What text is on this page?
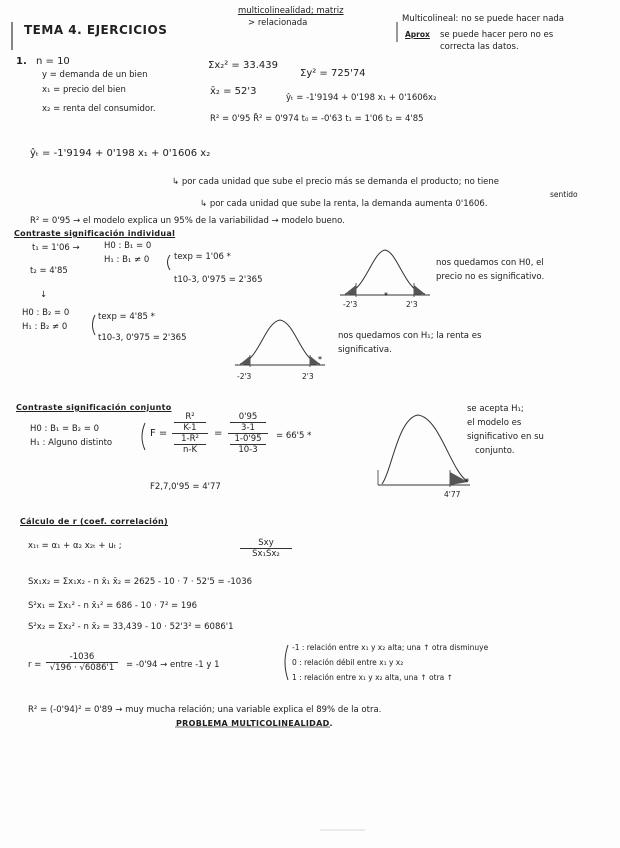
*
*
*
TEMA 4. EJERCICIOS
multicolinealidad; matriz
> relacionada	Multicolineal: no se puede hacer nada
Aprox se puede hacer pero no es
correcta las datos.
1. n = 10
y = demanda de un bien
x₁ = precio del bien
x₂ = renta del consumidor.
Σx₂² = 33.439
Σy² = 725'74
x̄₂ = 52'3
ŷₜ = -1'9194 + 0'198 x₁ + 0'1606x₂
R² = 0'95 R̄² = 0'974 t₀ = -0'63 t₁ = 1'06 t₂ = 4'85
ŷₜ = -1'9194 + 0'198 x₁ + 0'1606 x₂
↳ por cada unidad que sube el precio más se demanda el producto; no tiene
sentido
↳ por cada unidad que sube la renta, la demanda aumenta 0'1606.
R² = 0'95 → el modelo explica un 95% de la variabilidad → modelo bueno.
Contraste significación individual
t₁ = 1'06 →	H0 : B₁ = 0
H₁ : B₁ ≠ 0	texp = 1'06 *
t10-3, 0'975 = 2'365
t₂ = 4'85
↓
H0 : B₂ = 0
H₁ : B₂ ≠ 0
texp = 4'85 *
t10-3, 0'975 = 2'365
-2'3	2'3
-2'3	2'3
nos quedamos con H0, el
precio no es significativo.
nos quedamos con H₁; la renta es
significativa.
Contraste significación conjunto
H0 : B₁ = B₂ = 0
H₁ : Alguno distinto
F = R²
K-1
1-R²
n-K = 0'95
3-1
1-0'95
10-3 = 66'5 *
F2,7,0'95 = 4'77
4'77
se acepta H₁;
el modelo es
significativo en su
conjunto.
Cálculo de r (coef. correlación)
x₁ₜ = α₁ + α₂ x₂ₜ + uₜ ;	Sxy
Sx₁Sx₂
Sx₁x₂ = Σx₁x₂ - n x̄₁ x̄₂ = 2625 - 10 · 7 · 52'5 = -1036
S²x₁ = Σx₁² - n x̄₁² = 686 - 10 · 7² = 196
S²x₂ = Σx₂² - n x̄₂ = 33,439 - 10 · 52'3² = 6086'1
$r = \frac{-1036}{√196 \cdot √6086'1} = -0'94$ → entre -1 y 1
-1 : relación entre x₁ y x₂ alta; una ↑ otra disminuye
0 : relación débil entre x₁ y x₂
1 : relación entre x₁ y x₂ alta, una ↑ otra ↑
R² = (-0'94)² = 0'89 → muy mucha relación; una variable explica el 89% de la otra.
PROBLEMA MULTICOLINEALIDAD.
